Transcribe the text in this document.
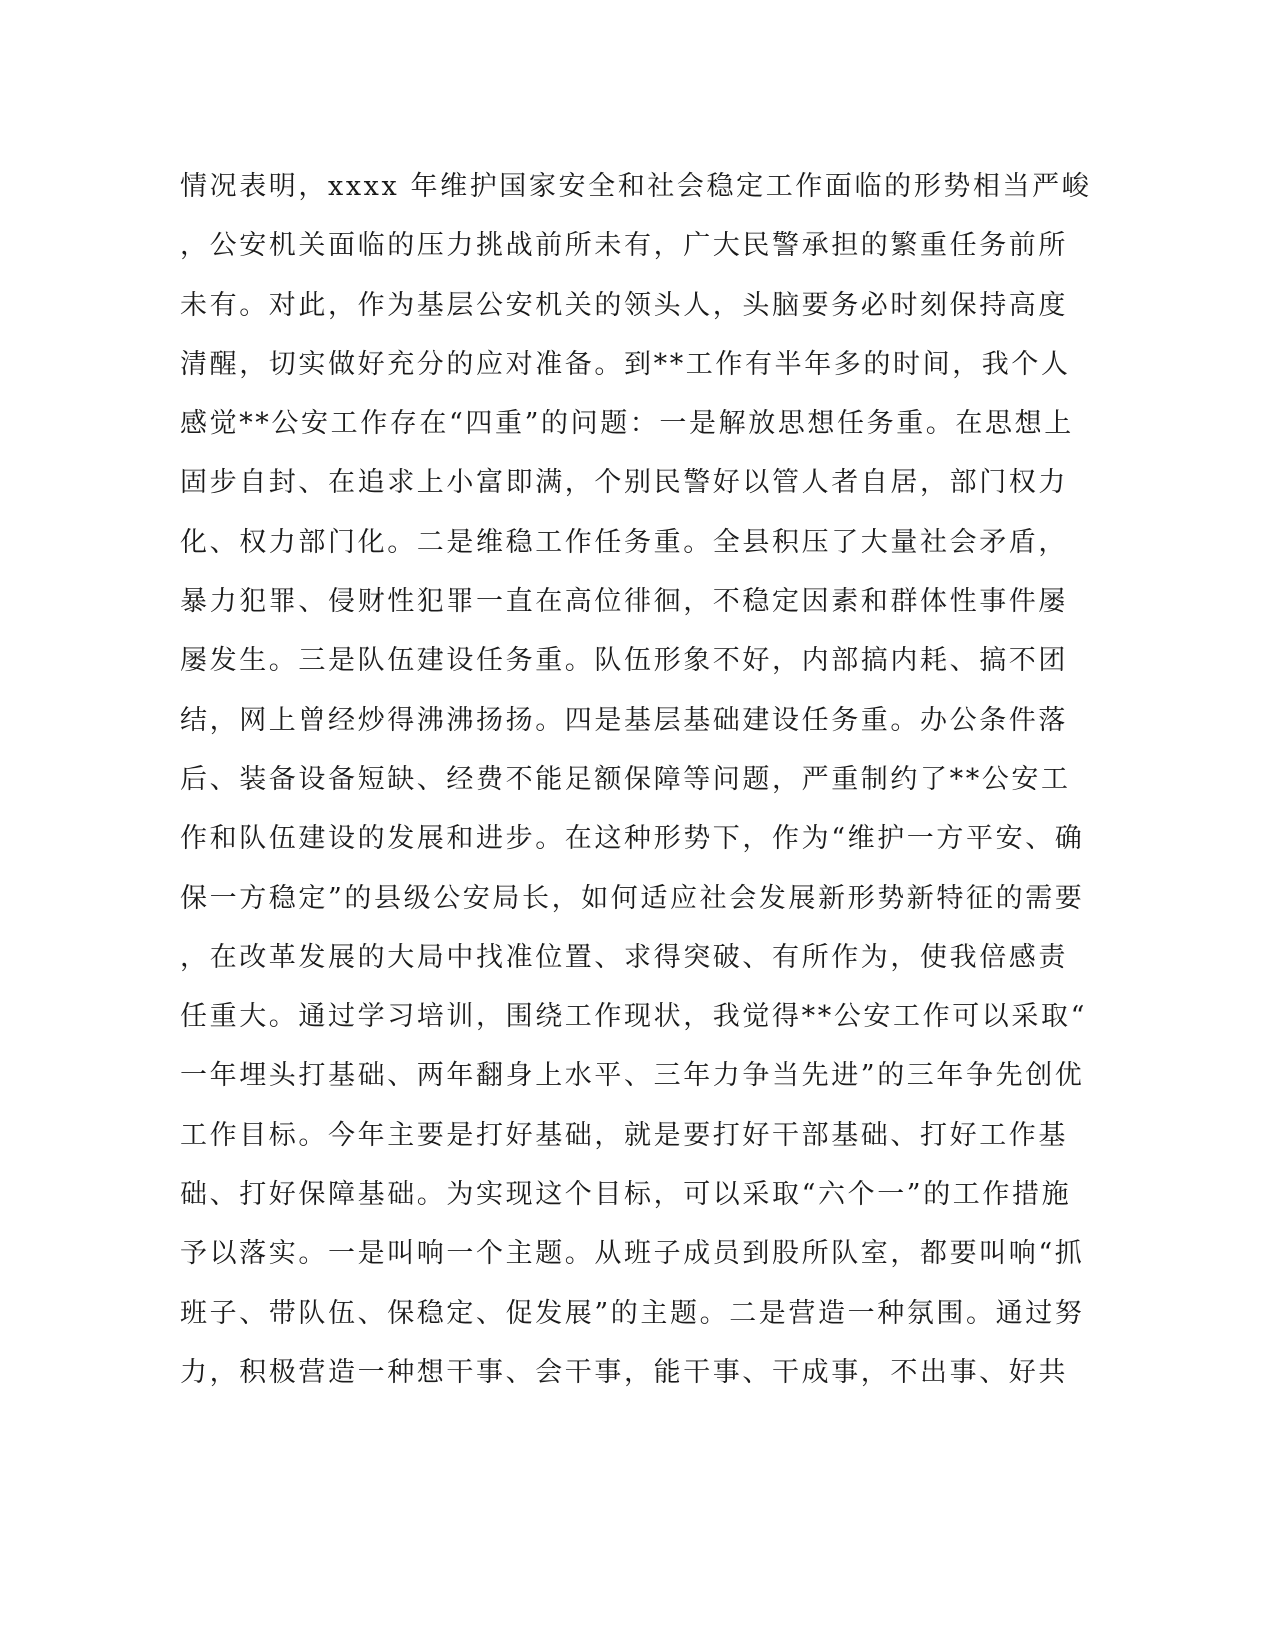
情况表明，xxxx 年维护国家安全和社会稳定工作面临的形势相当严峻
，公安机关面临的压力挑战前所未有，广大民警承担的繁重任务前所
未有。对此，作为基层公安机关的领头人，头脑要务必时刻保持高度
清醒，切实做好充分的应对准备。到**工作有半年多的时间，我个人
感觉**公安工作存在“四重”的问题：一是解放思想任务重。在思想上
固步自封、在追求上小富即满，个别民警好以管人者自居，部门权力
化、权力部门化。二是维稳工作任务重。全县积压了大量社会矛盾，
暴力犯罪、侵财性犯罪一直在高位徘徊，不稳定因素和群体性事件屡
屡发生。三是队伍建设任务重。队伍形象不好，内部搞内耗、搞不团
结，网上曾经炒得沸沸扬扬。四是基层基础建设任务重。办公条件落
后、装备设备短缺、经费不能足额保障等问题，严重制约了**公安工
作和队伍建设的发展和进步。在这种形势下，作为“维护一方平安、确
保一方稳定”的县级公安局长，如何适应社会发展新形势新特征的需要
，在改革发展的大局中找准位置、求得突破、有所作为，使我倍感责
任重大。通过学习培训，围绕工作现状，我觉得**公安工作可以采取“
一年埋头打基础、两年翻身上水平、三年力争当先进”的三年争先创优
工作目标。今年主要是打好基础，就是要打好干部基础、打好工作基
础、打好保障基础。为实现这个目标，可以采取“六个一”的工作措施
予以落实。一是叫响一个主题。从班子成员到股所队室，都要叫响“抓
班子、带队伍、保稳定、促发展”的主题。二是营造一种氛围。通过努
力，积极营造一种想干事、会干事，能干事、干成事，不出事、好共
